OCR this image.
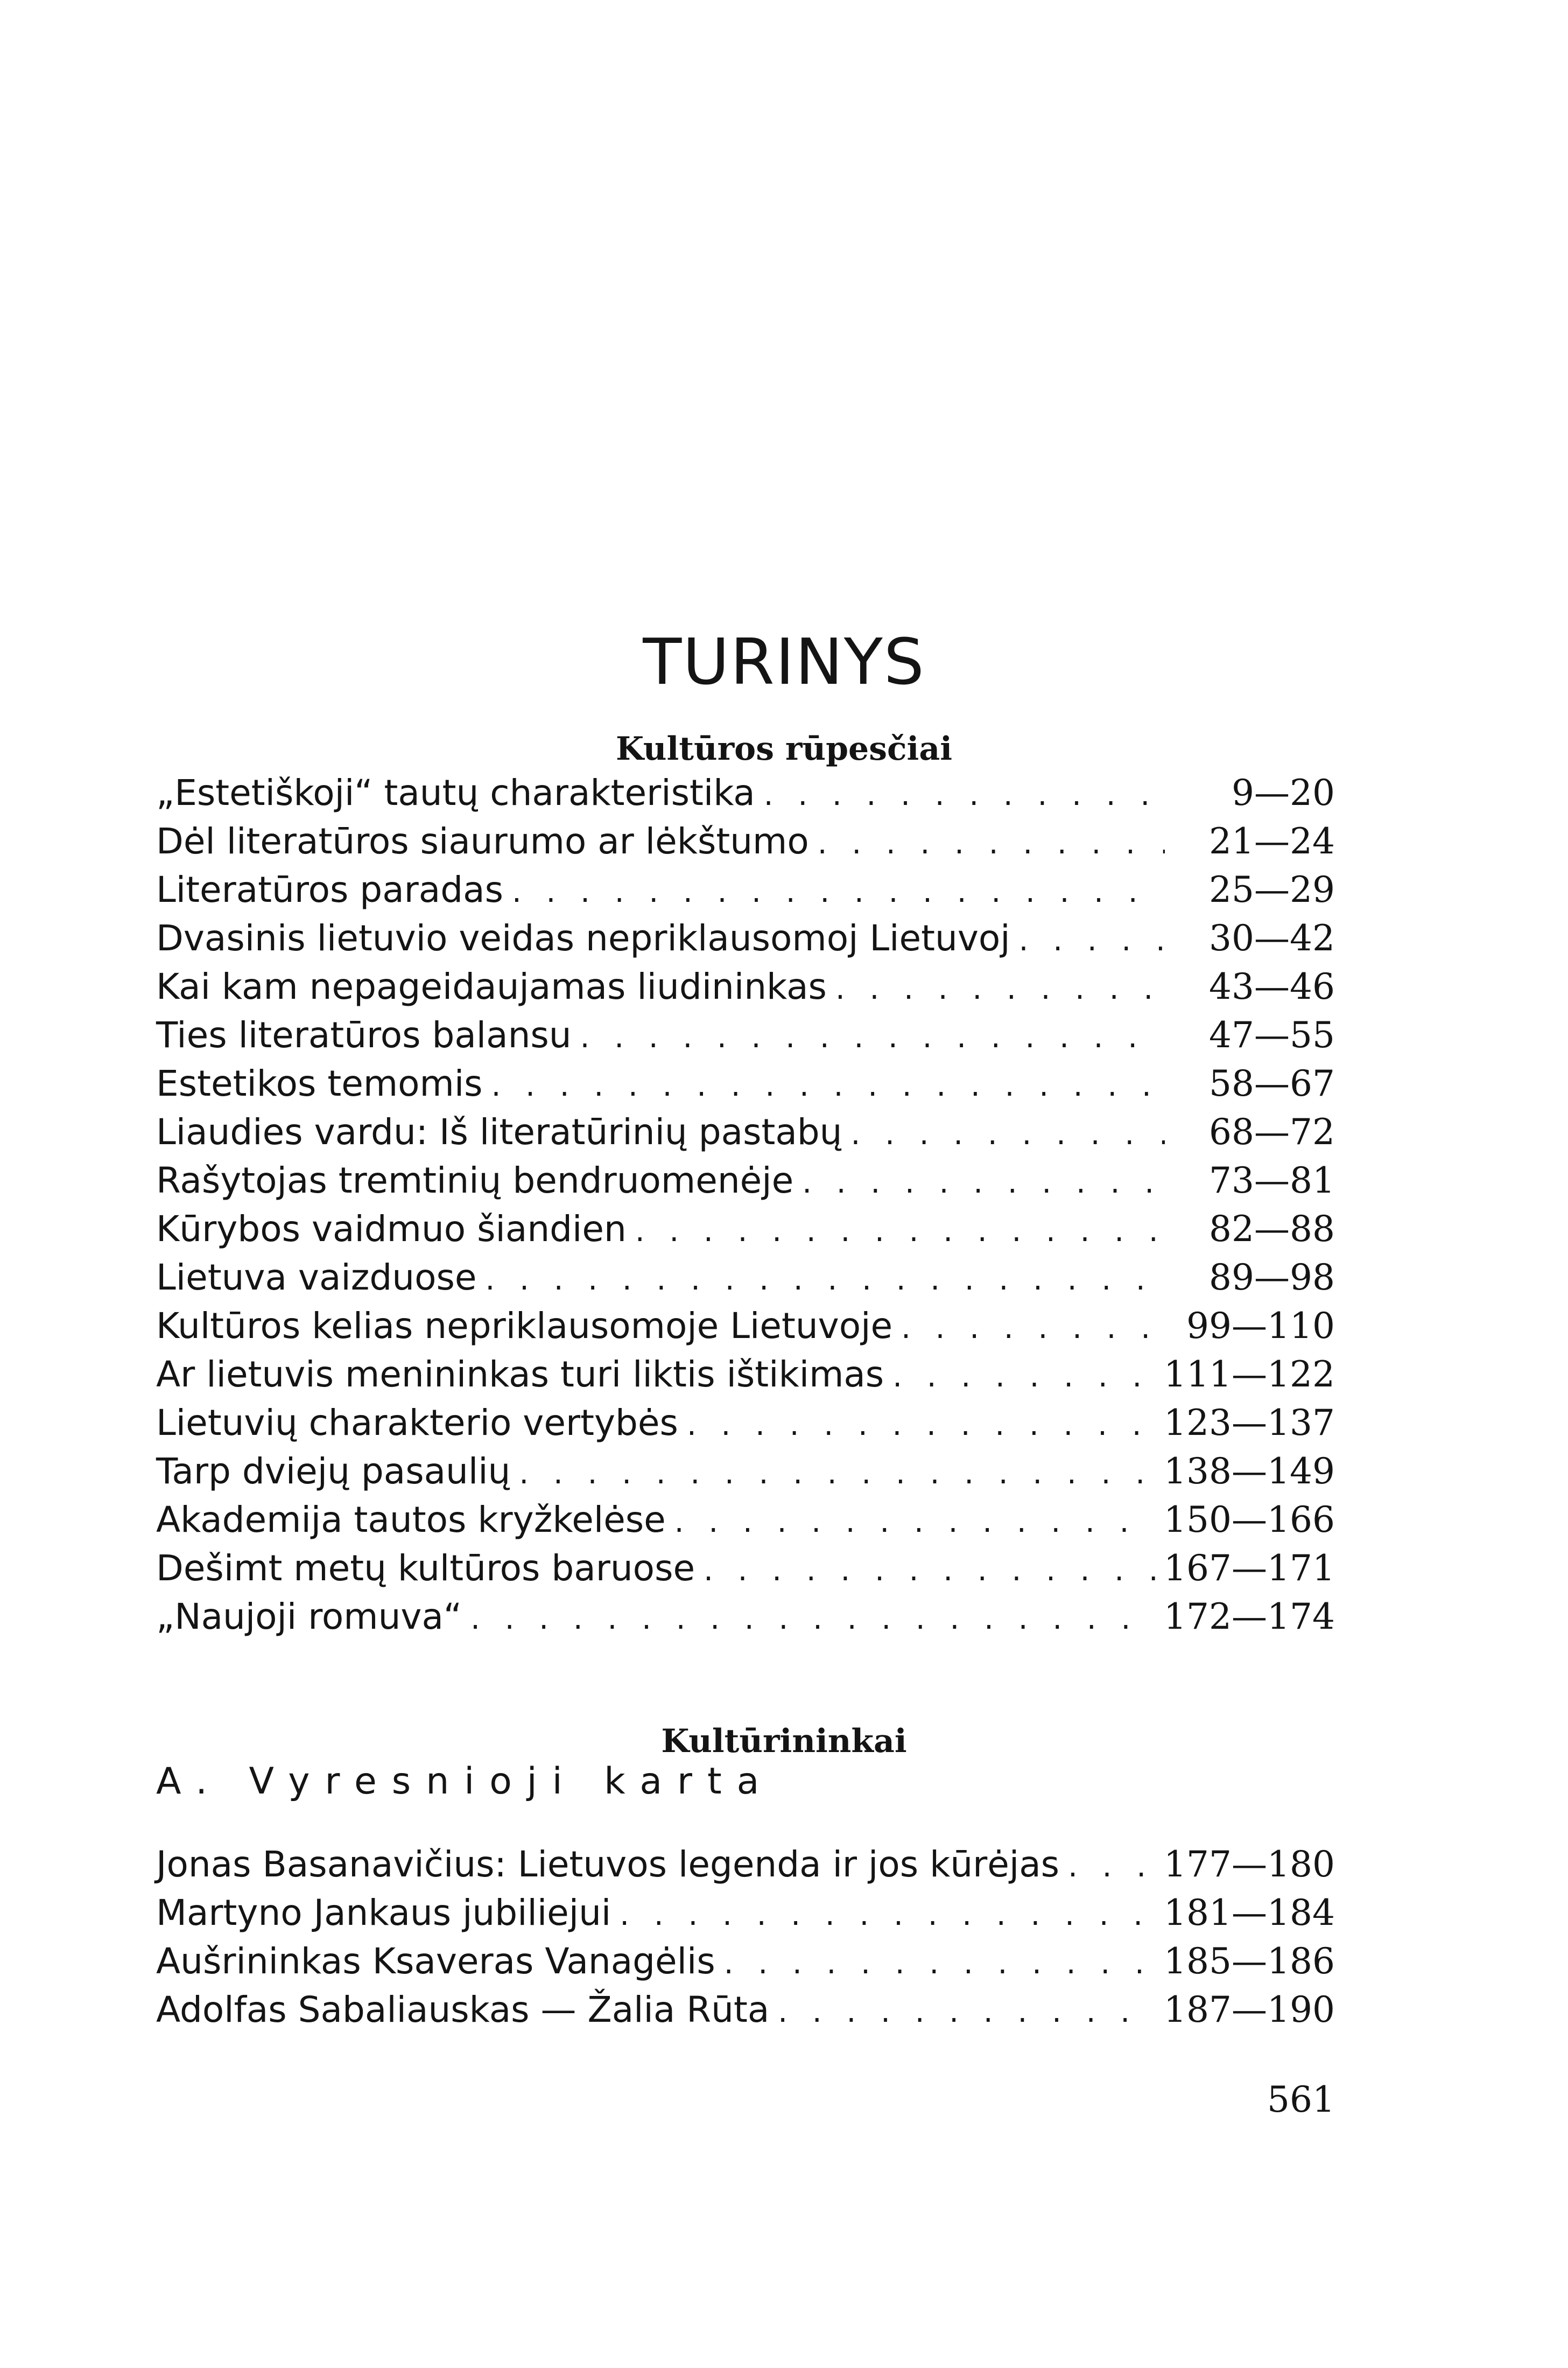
TURINYS
Kultūros rūpesčiai
„Estetiškoji“ tautų charakteristika . . .	9—20
Dėl literatūros siaurumo ar lėkštumo . . .	21—24
Literatūros paradas . . .	25—29
Dvasinis lietuvio veidas nepriklausomoj Lietuvoj . . .	30—42
Kai kam nepageidaujamas liudininkas . . .	43—46
Ties literatūros balansu . . .	47—55
Estetikos temomis . . .	58—67
Liaudies vardu: Iš literatūrinių pastabų . . .	68—72
Rašytojas tremtinių bendruomenėje . . .	73—81
Kūrybos vaidmuo šiandien . . .	82—88
Lietuva vaizduose . . .	89—98
Kultūros kelias nepriklausomoje Lietuvoje . . .	99—110
Ar lietuvis menininkas turi liktis ištikimas . . .	111—122
Lietuvių charakterio vertybės . . .	123—137
Tarp dviejų pasaulių . . .	138—149
Akademija tautos kryžkelėse . . .	150—166
Dešimt metų kultūros baruose . . .	167—171
„Naujoji romuva“ . . .	172—174
Kultūrininkai
A. Vyresnioji karta
Jonas Basanavičius: Lietuvos legenda ir jos kūrėjas . . .	177—180
Martyno Jankaus jubiliejui . . .	181—184
Aušrininkas Ksaveras Vanagėlis . . .	185—186
Adolfas Sabaliauskas — Žalia Rūta . . .	187—190
561
